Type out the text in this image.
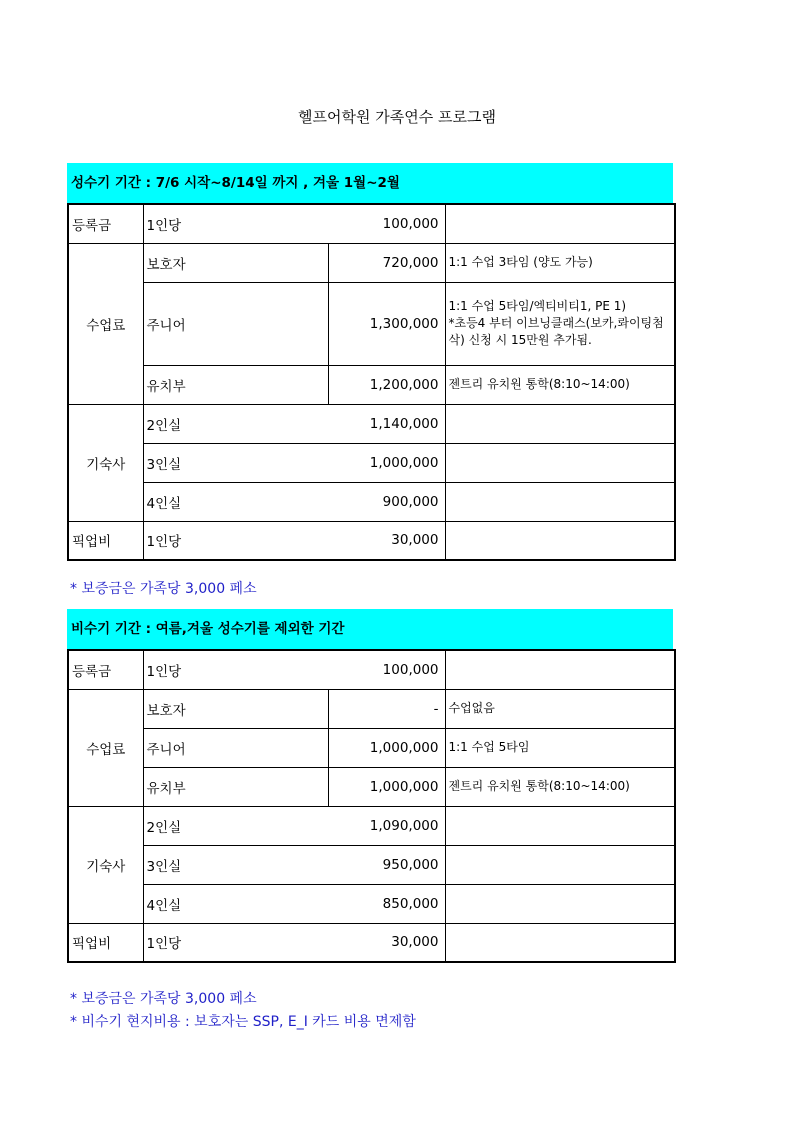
헬프어학원 가족연수 프로그램
성수기 기간 : 7/6 시작~8/14일 까지 , 겨울 1월~2월
등록금	1인당	100,000	
수업료	보호자	720,000	1:1 수업 3타임 (양도 가능)
	주니어	1,300,000	1:1 수업 5타임/엑티비티1, PE 1)
*초등4 부터 이브닝클래스(보카,롸이팅첨삭) 신청 시 15만원 추가됨.
	유치부	1,200,000	젠트리 유치원 통학(8:10~14:00)
기숙사	2인실	1,140,000	
	3인실	1,000,000	
	4인실	900,000	
픽업비	1인당	30,000	
* 보증금은 가족당 3,000 페소
비수기 기간 : 여름,겨울 성수기를 제외한 기간
등록금	1인당	100,000	
수업료	보호자	-	수업없음
	주니어	1,000,000	1:1 수업 5타임
	유치부	1,000,000	젠트리 유치원 통학(8:10~14:00)
기숙사	2인실	1,090,000	
	3인실	950,000	
	4인실	850,000	
픽업비	1인당	30,000	
* 보증금은 가족당 3,000 페소
* 비수기 현지비용 : 보호자는 SSP, E_I 카드 비용 면제함
